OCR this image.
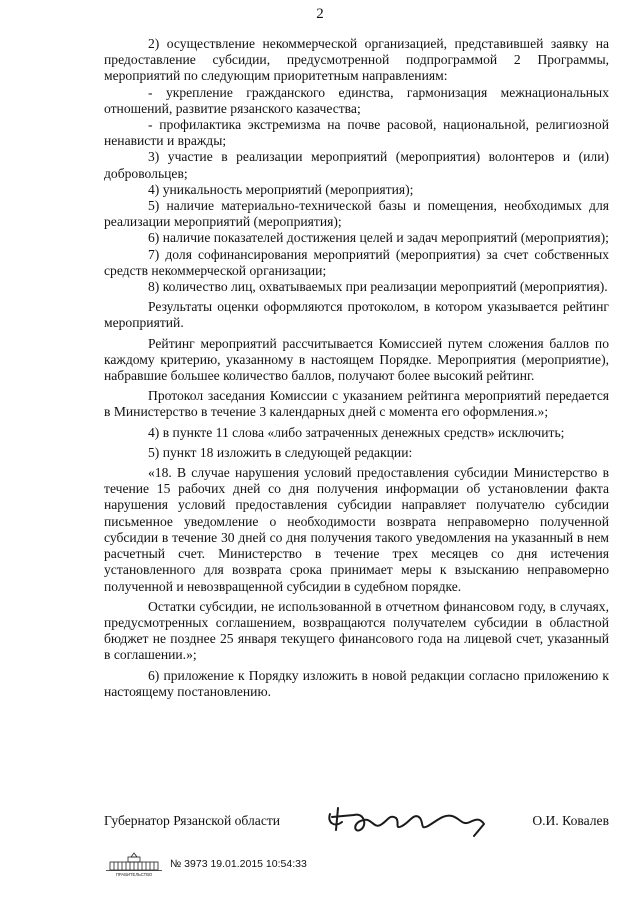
2

2) осуществление некоммерческой организацией, представившей заявку на предоставление субсидии, предусмотренной подпрограммой 2 Программы, мероприятий по следующим приоритетным направлениям:

- укрепление гражданского единства, гармонизация межнациональных отношений, развитие рязанского казачества;

- профилактика экстремизма на почве расовой, национальной, религиозной ненависти и вражды;

3) участие в реализации мероприятий (мероприятия) волонтеров и (или) добровольцев;

4) уникальность мероприятий (мероприятия);

5) наличие материально-технической базы и помещения, необходимых для реализации мероприятий (мероприятия);

6) наличие показателей достижения целей и задач мероприятий (мероприятия);

7) доля софинансирования мероприятий (мероприятия) за счет собственных средств некоммерческой организации;

8) количество лиц, охватываемых при реализации мероприятий (мероприятия).

Результаты оценки оформляются протоколом, в котором указывается рейтинг мероприятий.

Рейтинг мероприятий рассчитывается Комиссией путем сложения баллов по каждому критерию, указанному в настоящем Порядке. Мероприятия (мероприятие), набравшие большее количество баллов, получают более высокий рейтинг.

Протокол заседания Комиссии с указанием рейтинга мероприятий передается в Министерство в течение 3 календарных дней с момента его оформления.»;

4) в пункте 11 слова «либо затраченных денежных средств» исключить;

5) пункт 18 изложить в следующей редакции:

«18. В случае нарушения условий предоставления субсидии Министерство в течение 15 рабочих дней со дня получения информации об установлении факта нарушения условий предоставления субсидии направляет получателю субсидии письменное уведомление о необходимости возврата неправомерно полученной субсидии в течение 30 дней со дня получения такого уведомления на указанный в нем расчетный счет. Министерство в течение трех месяцев со дня истечения установленного для возврата срока принимает меры к взысканию неправомерно полученной и невозвращенной субсидии в судебном порядке.

Остатки субсидии, не использованной в отчетном финансовом году, в случаях, предусмотренных соглашением, возвращаются получателем субсидии в областной бюджет не позднее 25 января текущего финансового года на лицевой счет, указанный в соглашении.»;

6) приложение к Порядку изложить в новой редакции согласно приложению к настоящему постановлению.

Губернатор Рязанской области	О.И. Ковалев
ПРАВИТЕЛЬСТВО
№ 3973 19.01.2015 10:54:33
